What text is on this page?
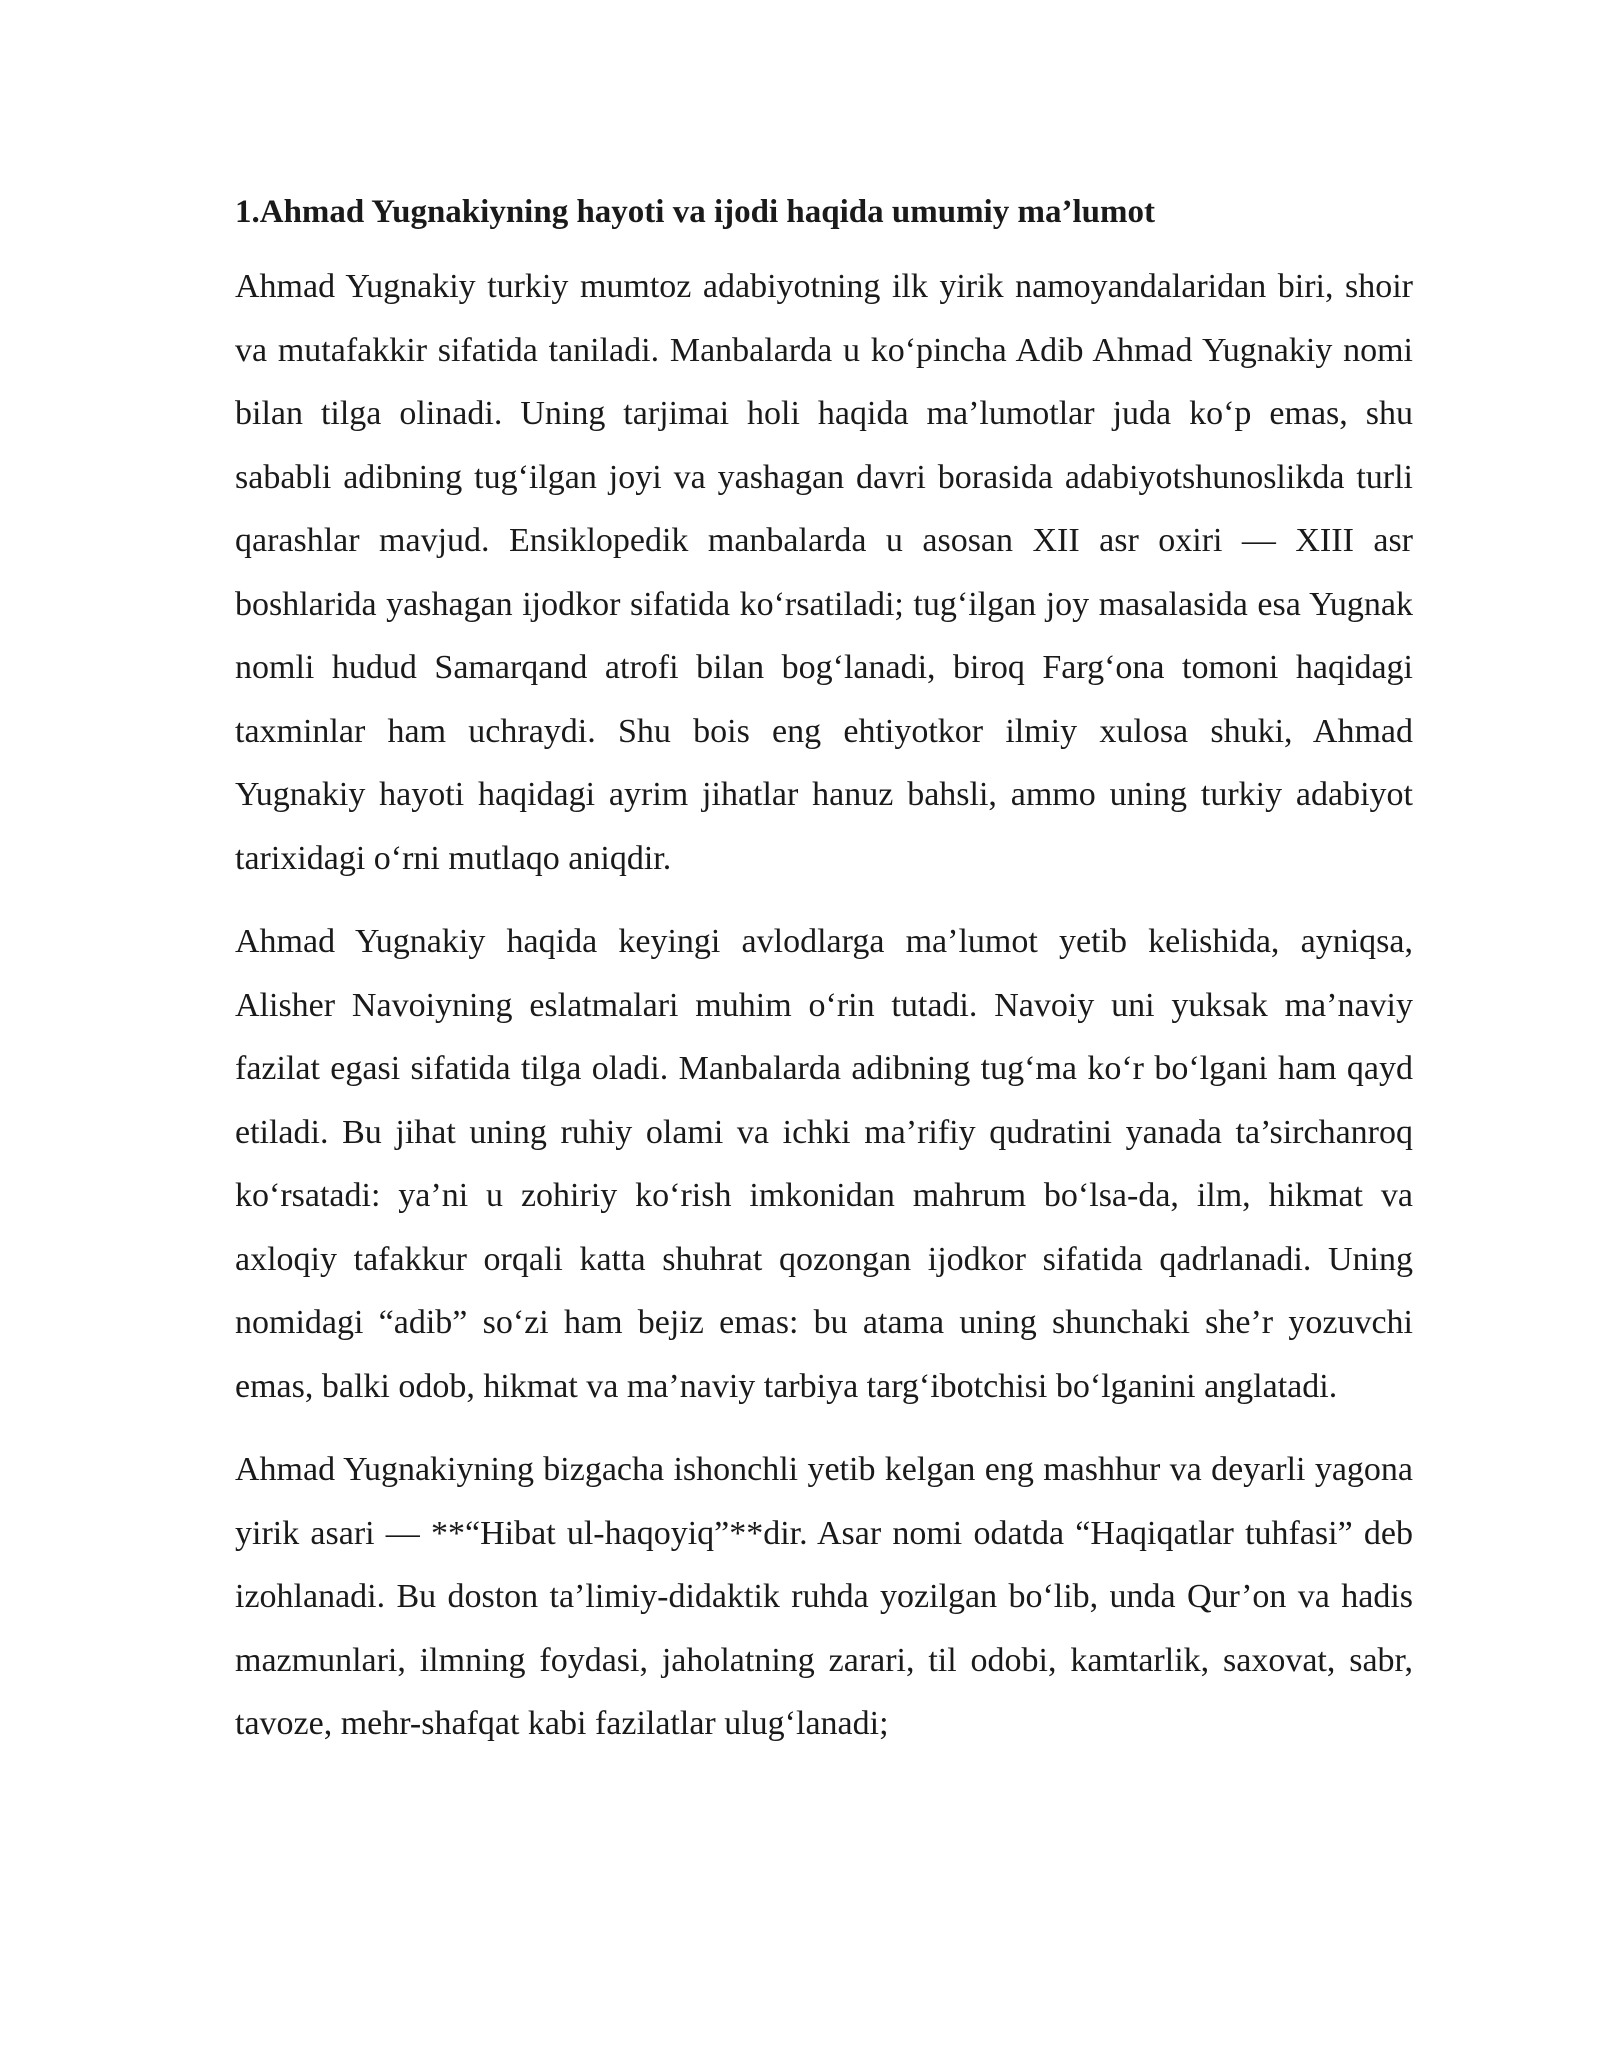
1.Ahmad Yugnakiyning hayoti va ijodi haqida umumiy ma’lumot

Ahmad Yugnakiy turkiy mumtoz adabiyotning ilk yirik namoyandalaridan biri, shoir va mutafakkir sifatida taniladi. Manbalarda u ko‘pincha Adib Ahmad Yugnakiy nomi bilan tilga olinadi. Uning tarjimai holi haqida ma’lumotlar juda ko‘p emas, shu sababli adibning tug‘ilgan joyi va yashagan davri borasida adabiyotshunoslikda turli qarashlar mavjud. Ensiklopedik manbalarda u asosan XII asr oxiri — XIII asr boshlarida yashagan ijodkor sifatida ko‘rsatiladi; tug‘ilgan joy masalasida esa Yugnak nomli hudud Samarqand atrofi bilan bog‘lanadi, biroq Farg‘ona tomoni haqidagi taxminlar ham uchraydi. Shu bois eng ehtiyotkor ilmiy xulosa shuki, Ahmad Yugnakiy hayoti haqidagi ayrim jihatlar hanuz bahsli, ammo uning turkiy adabiyot tarixidagi o‘rni mutlaqo aniqdir.

Ahmad Yugnakiy haqida keyingi avlodlarga ma’lumot yetib kelishida, ayniqsa, Alisher Navoiyning eslatmalari muhim o‘rin tutadi. Navoiy uni yuksak ma’naviy fazilat egasi sifatida tilga oladi. Manbalarda adibning tug‘ma ko‘r bo‘lgani ham qayd etiladi. Bu jihat uning ruhiy olami va ichki ma’rifiy qudratini yanada ta’sirchanroq ko‘rsatadi: ya’ni u zohiriy ko‘rish imkonidan mahrum bo‘lsa-da, ilm, hikmat va axloqiy tafakkur orqali katta shuhrat qozongan ijodkor sifatida qadrlanadi. Uning nomidagi “adib” so‘zi ham bejiz emas: bu atama uning shunchaki she’r yozuvchi emas, balki odob, hikmat va ma’naviy tarbiya targ‘ibotchisi bo‘lganini anglatadi.

Ahmad Yugnakiyning bizgacha ishonchli yetib kelgan eng mashhur va deyarli yagona yirik asari — **“Hibat ul-haqoyiq”**dir. Asar nomi odatda “Haqiqatlar tuhfasi” deb izohlanadi. Bu doston ta’limiy-didaktik ruhda yozilgan bo‘lib, unda Qur’on va hadis mazmunlari, ilmning foydasi, jaholatning zarari, til odobi, kamtarlik, saxovat, sabr, tavoze, mehr-shafqat kabi fazilatlar ulug‘lanadi;
